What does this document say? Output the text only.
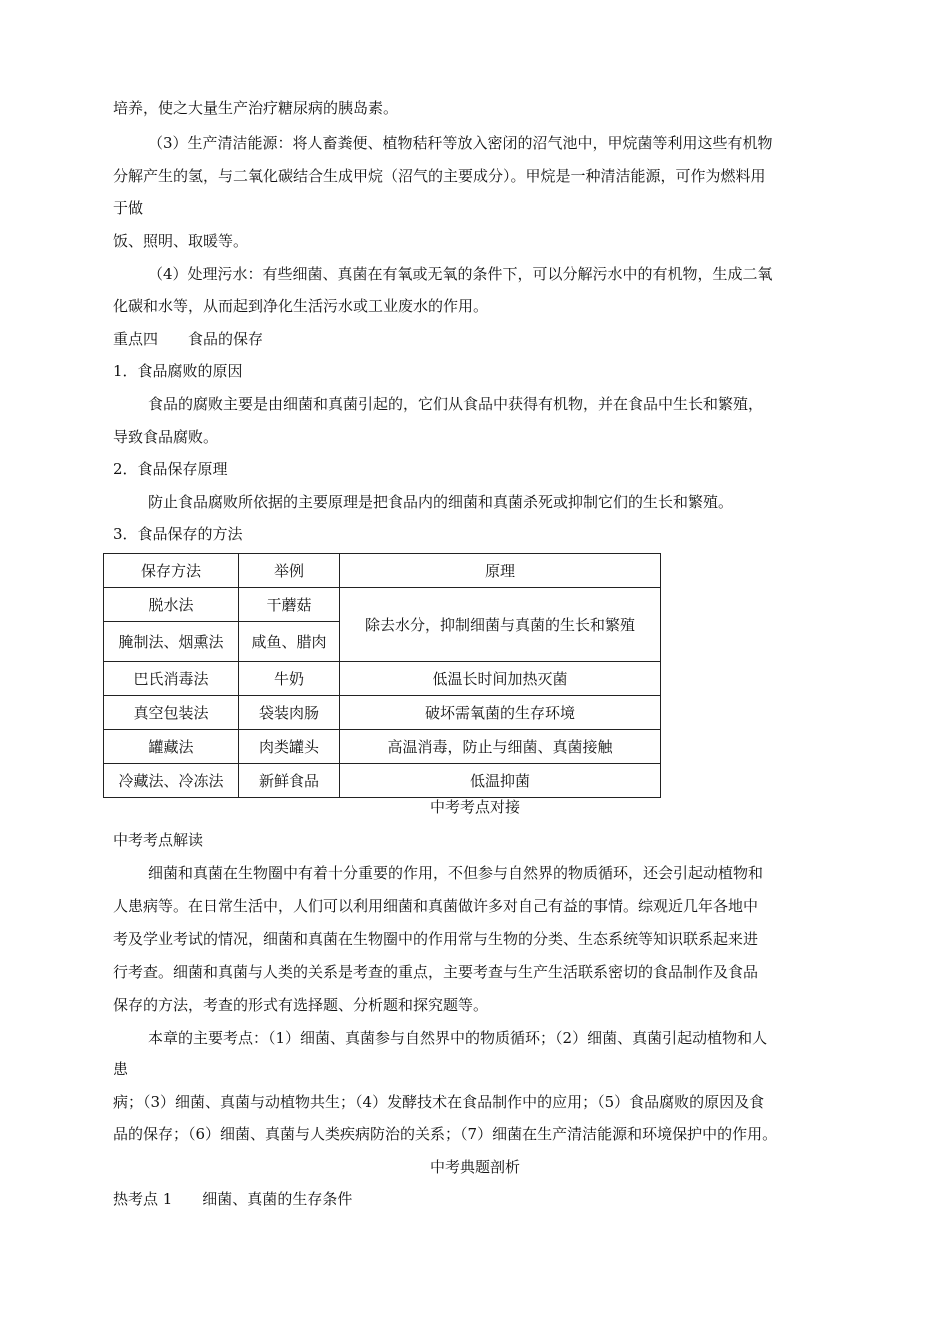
培养，使之大量生产治疗糖尿病的胰岛素。

（3）生产清洁能源：将人畜粪便、植物秸秆等放入密闭的沼气池中，甲烷菌等利用这些有机物

分解产生的氢，与二氧化碳结合生成甲烷（沼气的主要成分）。甲烷是一种清洁能源，可作为燃料用

于做

饭、照明、取暖等。

（4）处理污水：有些细菌、真菌在有氧或无氧的条件下，可以分解污水中的有机物，生成二氧

化碳和水等，从而起到净化生活污水或工业废水的作用。

重点四　　食品的保存

1．食品腐败的原因

食品的腐败主要是由细菌和真菌引起的，它们从食品中获得有机物，并在食品中生长和繁殖，

导致食品腐败。

2．食品保存原理

防止食品腐败所依据的主要原理是把食品内的细菌和真菌杀死或抑制它们的生长和繁殖。

3．食品保存的方法

保存方法	举例	原理
脱水法	干蘑菇	除去水分，抑制细菌与真菌的生长和繁殖
腌制法、烟熏法	咸鱼、腊肉	
巴氏消毒法	牛奶	低温长时间加热灭菌
真空包装法	袋装肉肠	破坏需氧菌的生存环境
罐藏法	肉类罐头	高温消毒，防止与细菌、真菌接触
冷藏法、冷冻法	新鲜食品	低温抑菌

中考考点对接

中考考点解读

细菌和真菌在生物圈中有着十分重要的作用，不但参与自然界的物质循环，还会引起动植物和

人患病等。在日常生活中，人们可以利用细菌和真菌做许多对自己有益的事情。综观近几年各地中

考及学业考试的情况，细菌和真菌在生物圈中的作用常与生物的分类、生态系统等知识联系起来进

行考查。细菌和真菌与人类的关系是考查的重点，主要考查与生产生活联系密切的食品制作及食品

保存的方法，考查的形式有选择题、分析题和探究题等。

本章的主要考点：（1）细菌、真菌参与自然界中的物质循环；（2）细菌、真菌引起动植物和人

患

病；（3）细菌、真菌与动植物共生；（4）发酵技术在食品制作中的应用；（5）食品腐败的原因及食

品的保存；（6）细菌、真菌与人类疾病防治的关系；（7）细菌在生产清洁能源和环境保护中的作用。

中考典题剖析

热考点 1　　细菌、真菌的生存条件
